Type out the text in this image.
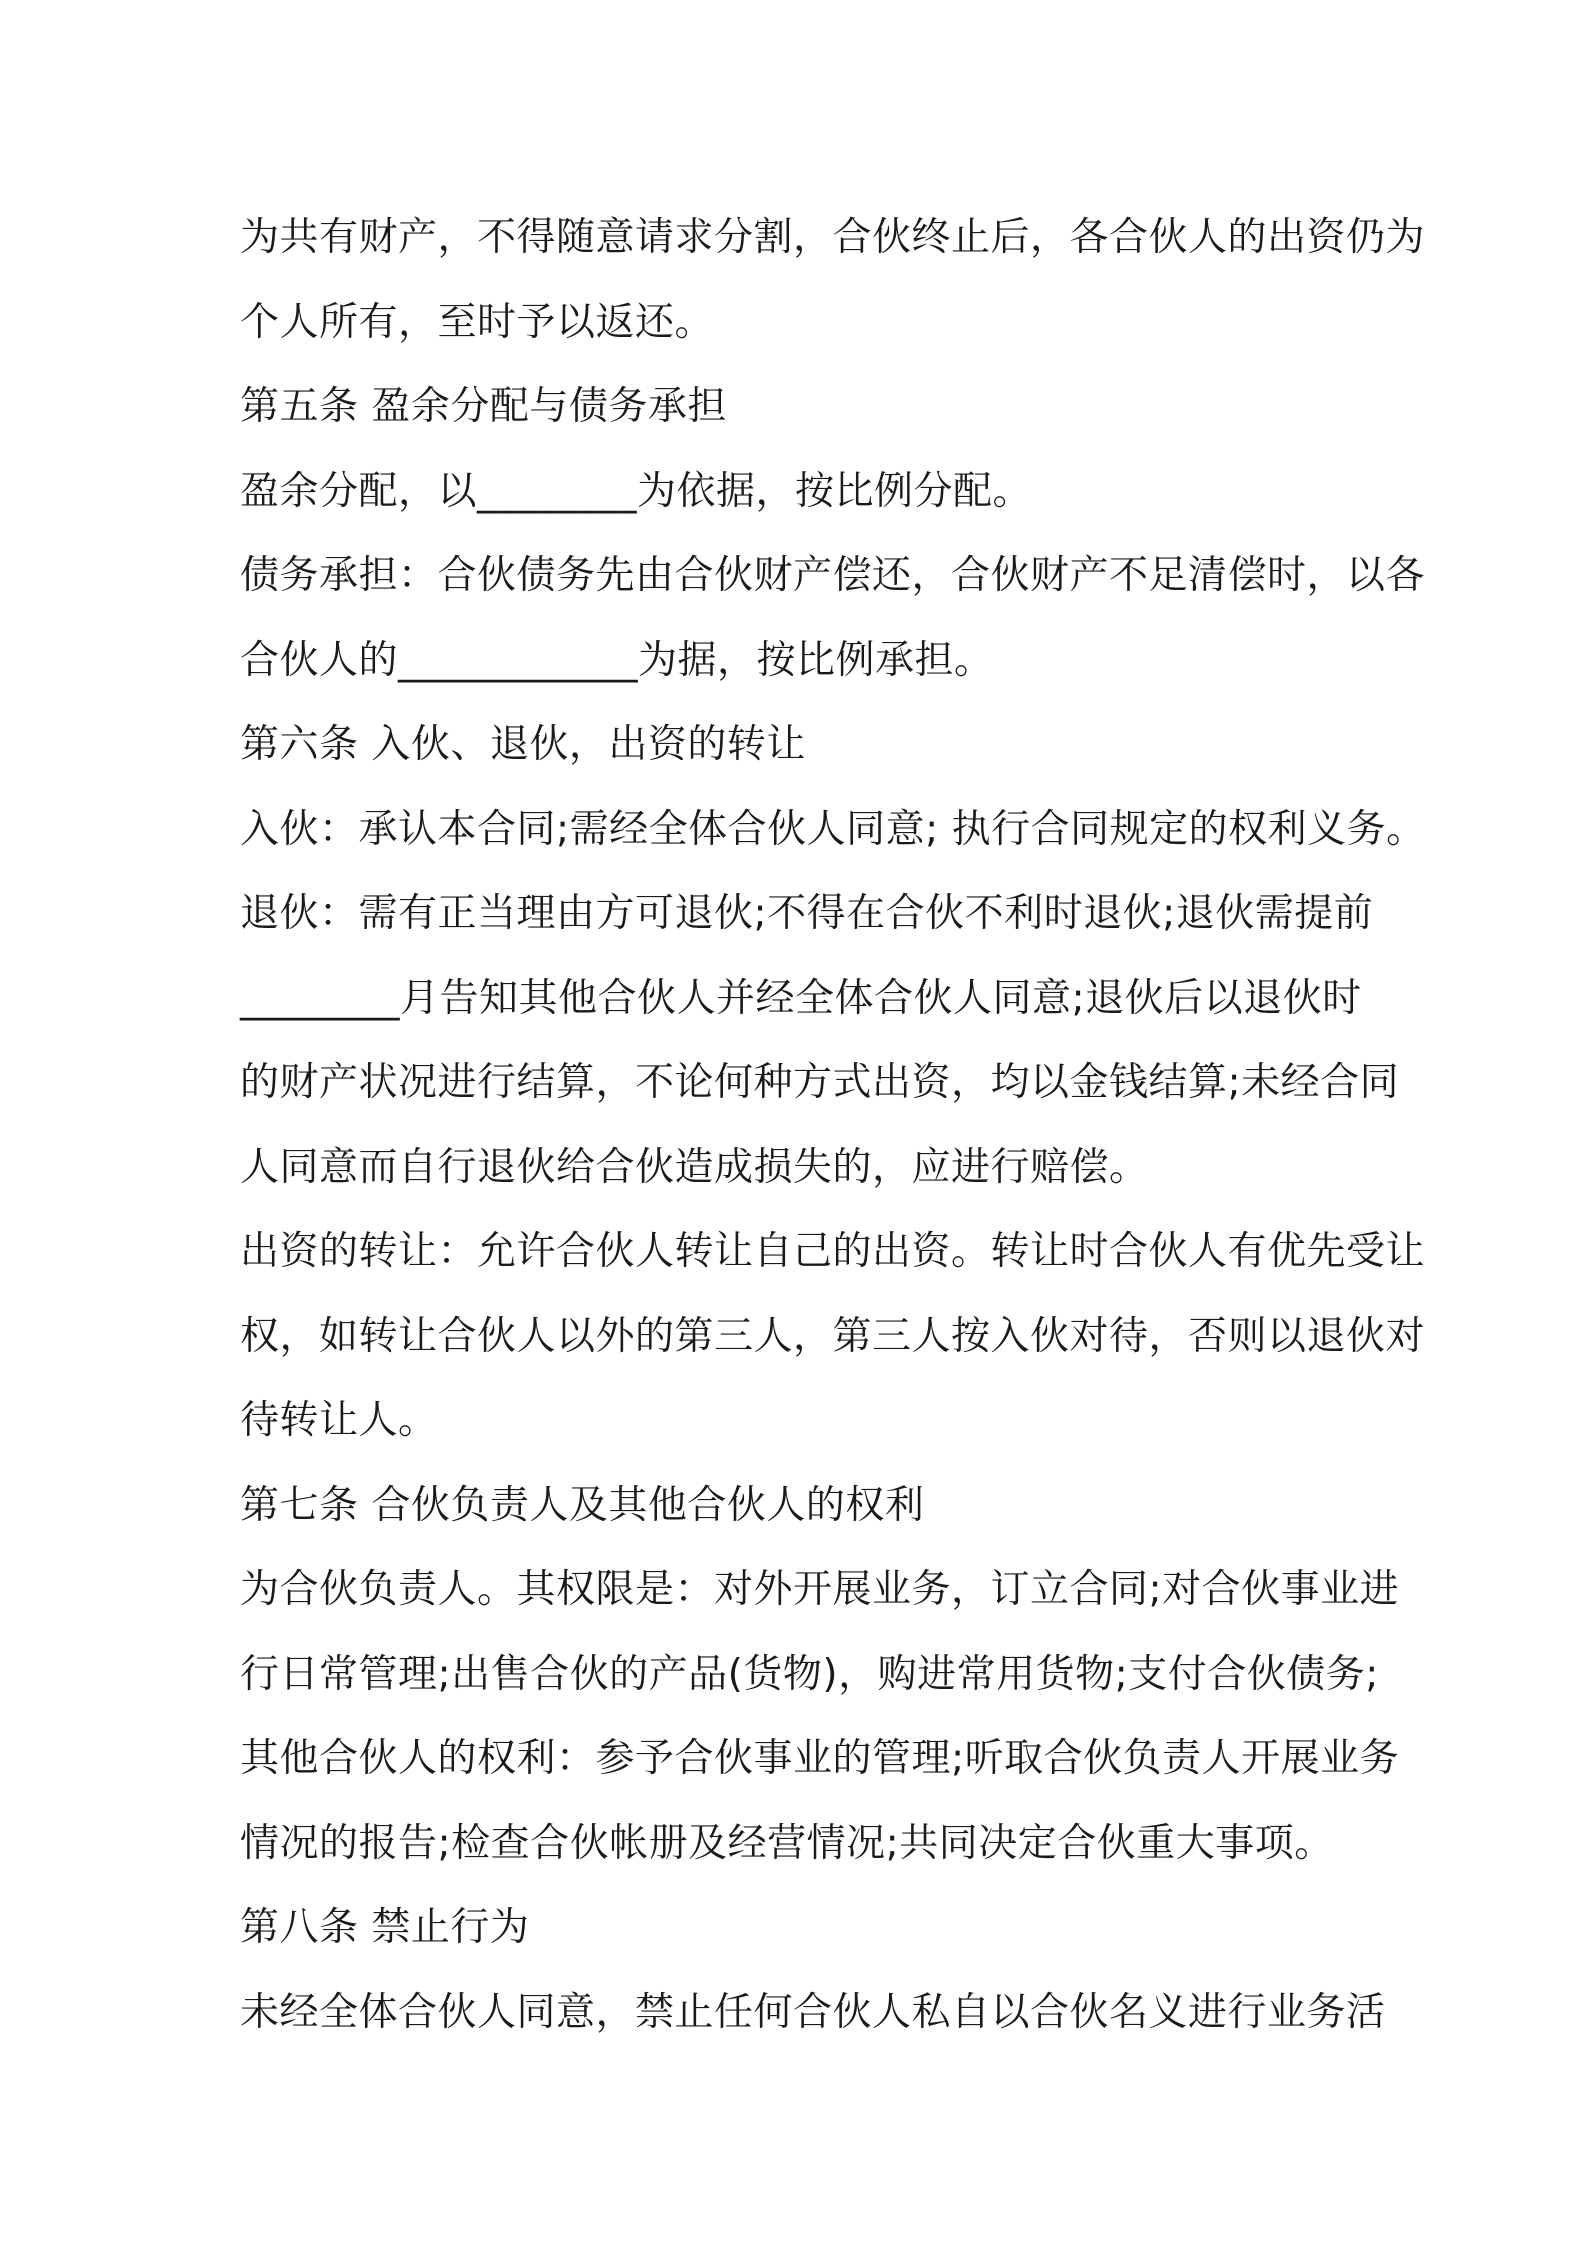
为共有财产，不得随意请求分割，合伙终止后，各合伙人的出资仍为
个人所有，至时予以返还。
第五条 盈余分配与债务承担
盈余分配，以________为依据，按比例分配。
债务承担：合伙债务先由合伙财产偿还，合伙财产不足清偿时，以各
合伙人的____________为据，按比例承担。
第六条 入伙、退伙，出资的转让
入伙：承认本合同;需经全体合伙人同意; 执行合同规定的权利义务。
退伙：需有正当理由方可退伙;不得在合伙不利时退伙;退伙需提前
________月告知其他合伙人并经全体合伙人同意;退伙后以退伙时
的财产状况进行结算，不论何种方式出资，均以金钱结算;未经合同
人同意而自行退伙给合伙造成损失的，应进行赔偿。
出资的转让：允许合伙人转让自己的出资。转让时合伙人有优先受让
权，如转让合伙人以外的第三人，第三人按入伙对待，否则以退伙对
待转让人。
第七条 合伙负责人及其他合伙人的权利
为合伙负责人。其权限是：对外开展业务，订立合同;对合伙事业进
行日常管理;出售合伙的产品(货物)，购进常用货物;支付合伙债务;
其他合伙人的权利：参予合伙事业的管理;听取合伙负责人开展业务
情况的报告;检查合伙帐册及经营情况;共同决定合伙重大事项。
第八条 禁止行为
未经全体合伙人同意，禁止任何合伙人私自以合伙名义进行业务活
